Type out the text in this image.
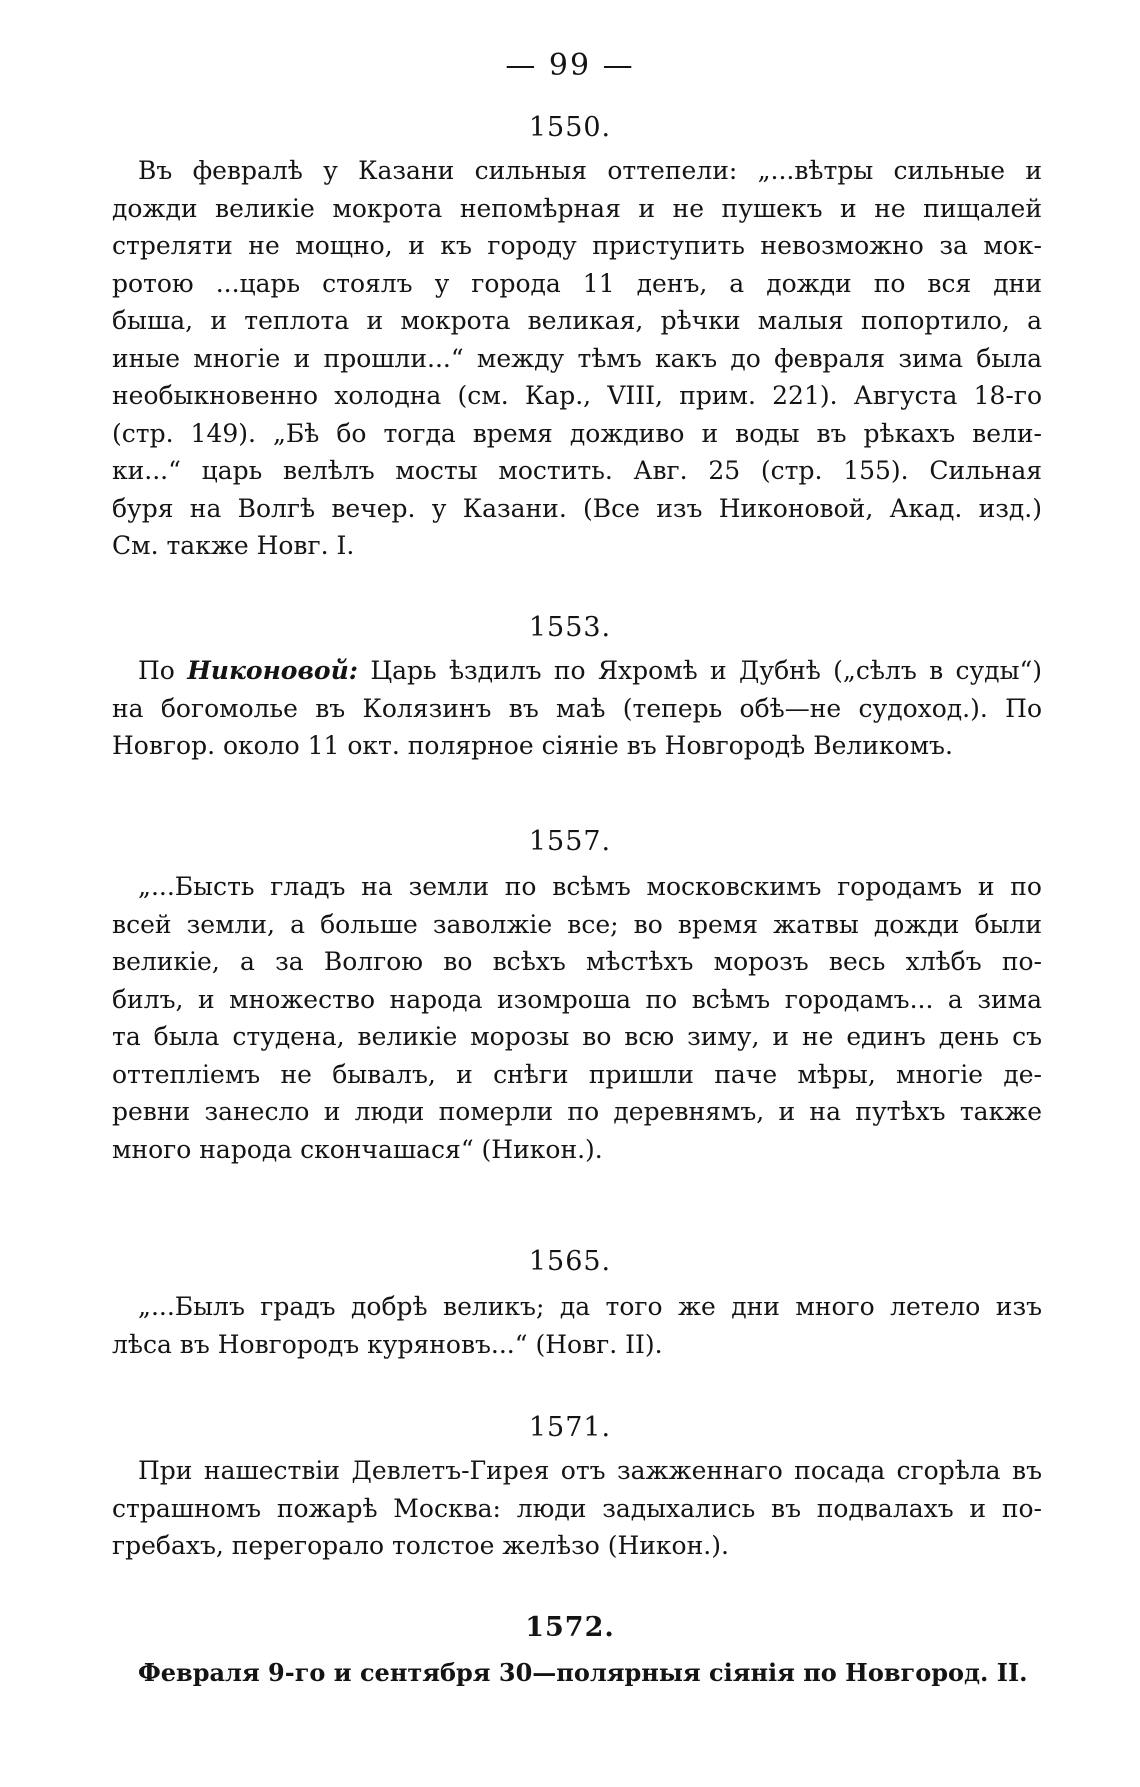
— 99 —
1550.
Въ февралѣ у Казани сильныя оттепели: „...вѣтры сильные и
дожди великіе мокрота непомѣрная и не пушекъ и не пищалей
стреляти не мощно, и къ городу приступить невозможно за мок-
ротою ...царь стоялъ у города 11 денъ, а дожди по вся дни
быша, и теплота и мокрота великая, рѣчки малыя попортило, а
иные многіе и прошли...“ между тѣмъ какъ до февраля зима была
необыкновенно холодна (см. Кар., VIII, прим. 221). Августа 18-го
(стр. 149). „Бѣ бо тогда время дождиво и воды въ рѣкахъ вели-
ки...“ царь велѣлъ мосты мостить. Авг. 25 (стр. 155). Сильная
буря на Волгѣ вечер. у Казани. (Все изъ Никоновой, Акад. изд.)
См. также Новг. I.
1553.
По Никоновой: Царь ѣздилъ по Яхромѣ и Дубнѣ („сѣлъ в суды“)
на богомолье въ Колязинъ въ маѣ (теперь обѣ—не судоход.). По
Новгор. около 11 окт. полярное сіяніе въ Новгородѣ Великомъ.
1557.
„...Бысть гладъ на земли по всѣмъ московскимъ городамъ и по
всей земли, а больше заволжіе все; во время жатвы дожди были
великіе, а за Волгою во всѣхъ мѣстѣхъ морозъ весь хлѣбъ по-
билъ, и множество народа изомроша по всѣмъ городамъ... а зима
та была студена, великіе морозы во всю зиму, и не единъ день съ
оттепліемъ не бывалъ, и снѣги пришли паче мѣры, многіе де-
ревни занесло и люди померли по деревнямъ, и на путѣхъ также
много народа скончашася“ (Никон.).
1565.
„...Былъ градъ добрѣ великъ; да того же дни много летело изъ
лѣса въ Новгородъ куряновъ...“ (Новг. II).
1571.
При нашествіи Девлетъ-Гирея отъ зажженнаго посада сгорѣла въ
страшномъ пожарѣ Москва: люди задыхались въ подвалахъ и по-
гребахъ, перегорало толстое желѣзо (Никон.).
1572.
Февраля 9-го и сентября 30—полярныя сіянія по Новгород. II.
